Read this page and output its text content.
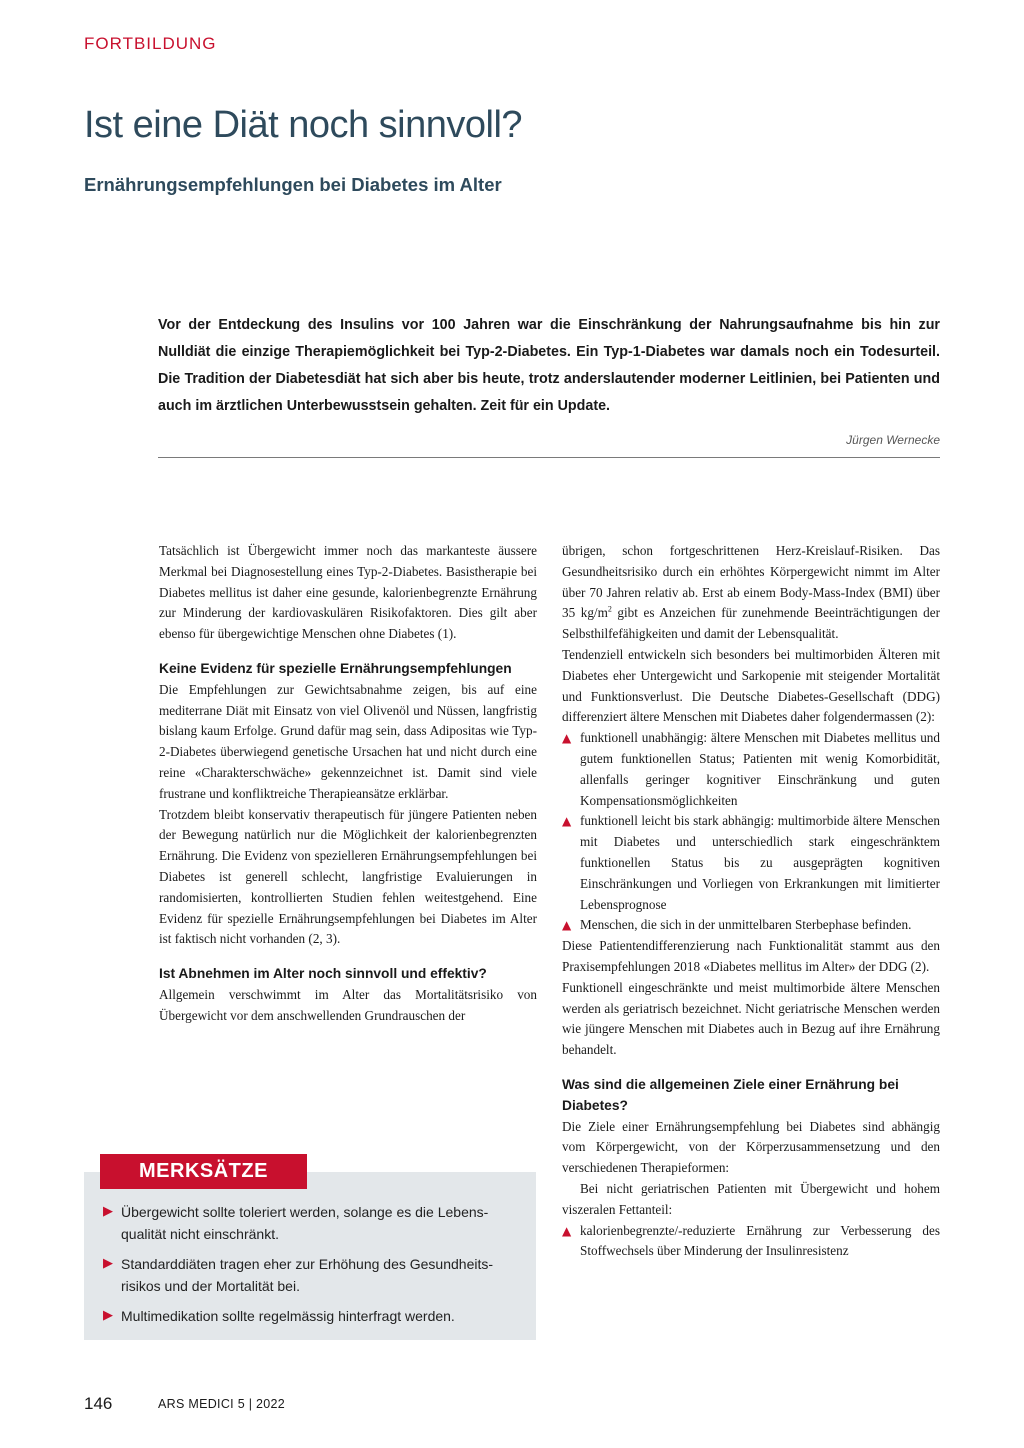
FORTBILDUNG
Ist eine Diät noch sinnvoll?
Ernährungsempfehlungen bei Diabetes im Alter

Vor der Entdeckung des Insulins vor 100 Jahren war die Einschränkung der Nahrungsaufnahme bis hin zur Nulldiät die einzige Therapiemöglichkeit bei Typ-2-Diabetes. Ein Typ-1-Diabetes war damals noch ein Todesurteil. Die Tradition der Diabetesdiät hat sich aber bis heute, trotz anderslautender moderner Leitlinien, bei Patienten und auch im ärztlichen Unterbewusstsein gehalten. Zeit für ein Update.

Jürgen Wernecke

Tatsächlich ist Übergewicht immer noch das markanteste äussere Merkmal bei Diagnosestellung eines Typ-2-Diabetes. Basistherapie bei Diabetes mellitus ist daher eine gesunde, kalorienbegrenzte Ernährung zur Minderung der kardiovaskulären Risikofaktoren. Dies gilt aber ebenso für übergewichtige Menschen ohne Diabetes (1).

Keine Evidenz für spezielle Ernährungsempfehlungen

Die Empfehlungen zur Gewichtsabnahme zeigen, bis auf eine mediterrane Diät mit Einsatz von viel Olivenöl und Nüssen, langfristig bislang kaum Erfolge. Grund dafür mag sein, dass Adipositas wie Typ-2-Diabetes überwiegend genetische Ursachen hat und nicht durch eine reine «Charakterschwäche» gekennzeichnet ist. Damit sind viele frustrane und konfliktreiche Therapieansätze erklärbar.

Trotzdem bleibt konservativ therapeutisch für jüngere Patienten neben der Bewegung natürlich nur die Möglichkeit der kalorienbegrenzten Ernährung. Die Evidenz von spezielleren Ernährungsempfehlungen bei Diabetes ist generell schlecht, langfristige Evaluierungen in randomisierten, kontrollierten Studien fehlen weitestgehend. Eine Evidenz für spezielle Ernährungsempfehlungen bei Diabetes im Alter ist faktisch nicht vorhanden (2, 3).

Ist Abnehmen im Alter noch sinnvoll und effektiv?

Allgemein verschwimmt im Alter das Mortalitätsrisiko von Übergewicht vor dem anschwellenden Grundrauschen der

übrigen, schon fortgeschrittenen Herz-Kreislauf-Risiken. Das Gesundheitsrisiko durch ein erhöhtes Körpergewicht nimmt im Alter über 70 Jahren relativ ab. Erst ab einem Body-Mass-Index (BMI) über 35 $kg/m^2$ gibt es Anzeichen für zunehmende Beeinträchtigungen der Selbsthilfefähigkeiten und damit der Lebensqualität.

Tendenziell entwickeln sich besonders bei multimorbiden Älteren mit Diabetes eher Untergewicht und Sarkopenie mit steigender Mortalität und Funktionsverlust. Die Deutsche Diabetes-Gesellschaft (DDG) differenziert ältere Menschen mit Diabetes daher folgendermassen (2):

▲ funktionell unabhängig: ältere Menschen mit Diabetes mellitus und gutem funktionellen Status; Patienten mit wenig Komorbidität, allenfalls geringer kognitiver Einschränkung und guten Kompensationsmöglichkeiten
▲ funktionell leicht bis stark abhängig: multimorbide ältere Menschen mit Diabetes und unterschiedlich stark eingeschränktem funktionellen Status bis zu ausgeprägten kognitiven Einschränkungen und Vorliegen von Erkrankungen mit limitierter Lebensprognose
▲ Menschen, die sich in der unmittelbaren Sterbephase befinden.

Diese Patientendifferenzierung nach Funktionalität stammt aus den Praxisempfehlungen 2018 «Diabetes mellitus im Alter» der DDG (2).

Funktionell eingeschränkte und meist multimorbide ältere Menschen werden als geriatrisch bezeichnet. Nicht geriatrische Menschen werden wie jüngere Menschen mit Diabetes auch in Bezug auf ihre Ernährung behandelt.

Was sind die allgemeinen Ziele einer Ernährung bei Diabetes?

Die Ziele einer Ernährungsempfehlung bei Diabetes sind abhängig vom Körpergewicht, von der Körperzusammensetzung und den verschiedenen Therapieformen:

Bei nicht geriatrischen Patienten mit Übergewicht und hohem viszeralen Fettanteil:

▲ kalorienbegrenzte/-reduzierte Ernährung zur Verbesserung des Stoffwechsels über Minderung der Insulinresistenz
MERKSÄTZE
▶ Übergewicht sollte toleriert werden, solange es die Lebensqualität nicht einschränkt.
▶ Standarddiäten tragen eher zur Erhöhung des Gesundheitsrisikos und der Mortalität bei.
▶ Multimedikation sollte regelmässig hinterfragt werden.
146	ARS MEDICI 5 | 2022
